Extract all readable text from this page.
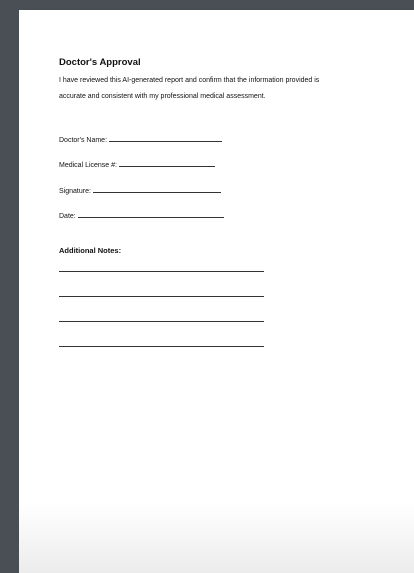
Doctor's Approval

I have reviewed this AI-generated report and confirm that the information provided is
accurate and consistent with my professional medical assessment.

Doctor's Name:
Medical License #:
Signature:
Date:
Additional Notes:
